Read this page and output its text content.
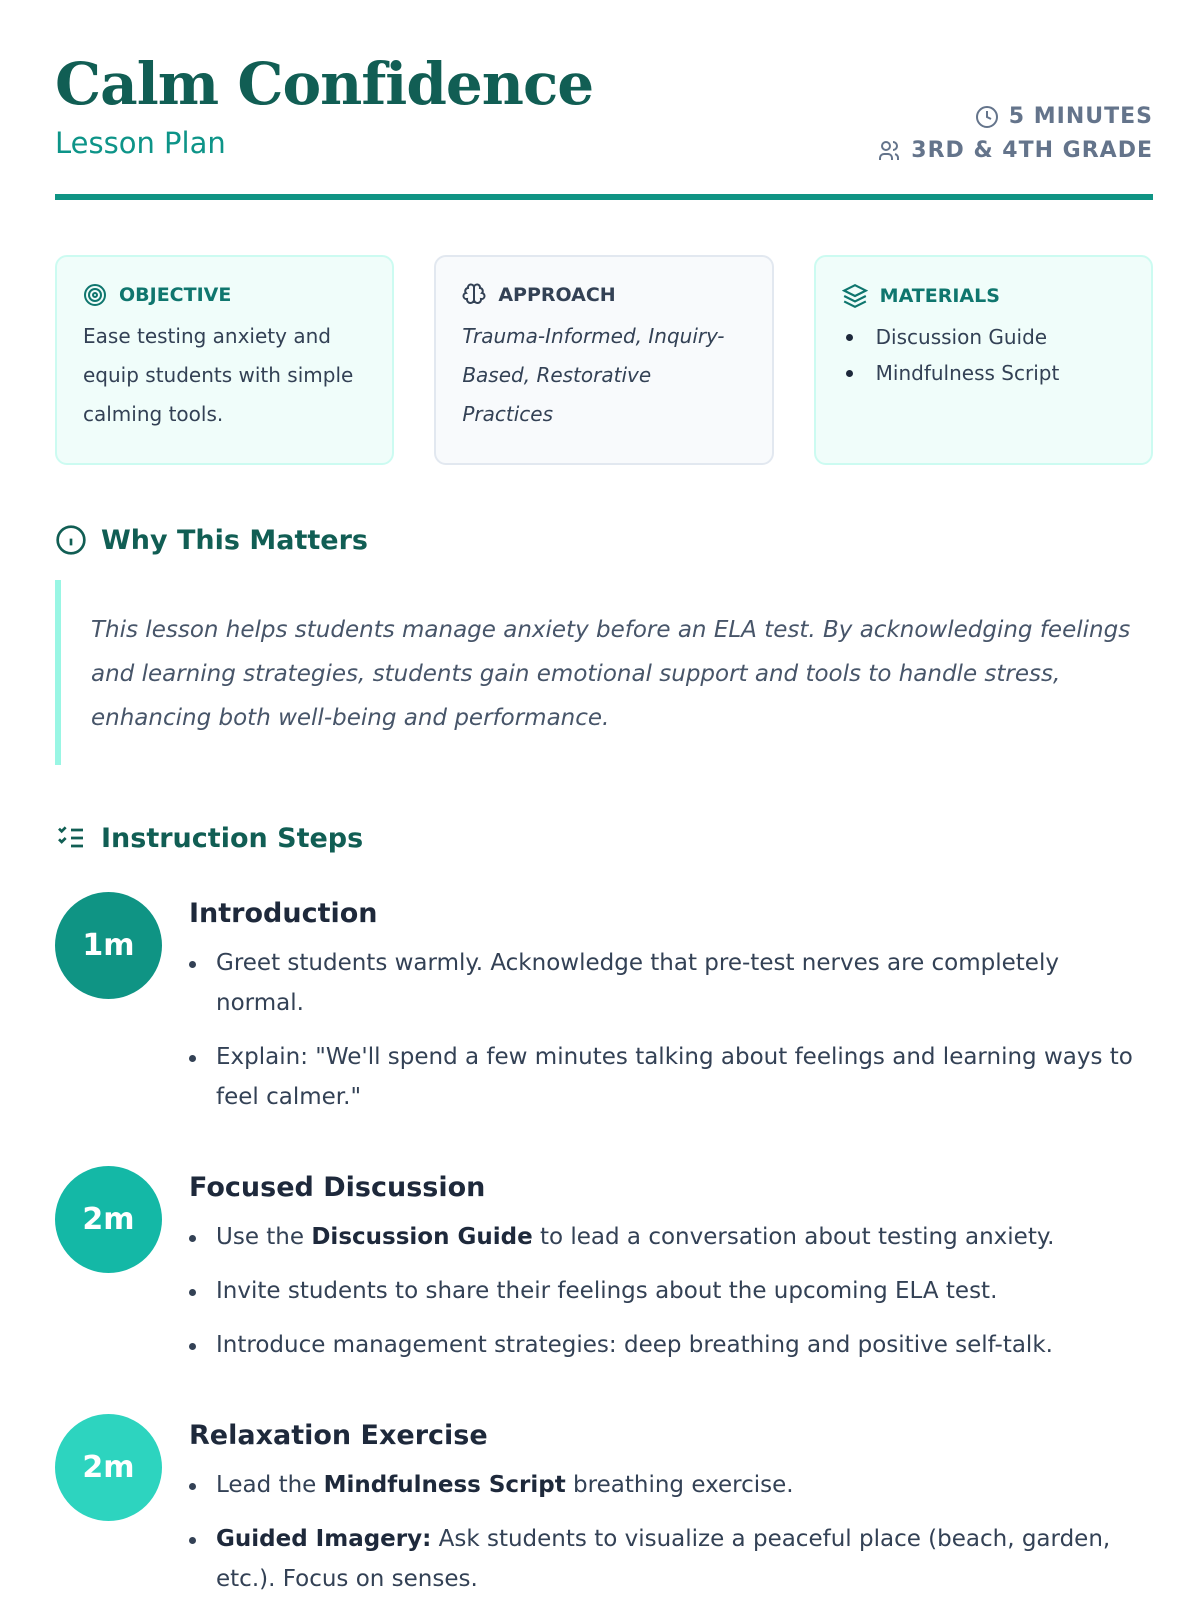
Calm Confidence
Lesson Plan
5 MINUTES
3RD & 4TH GRADE
OBJECTIVE

Ease testing anxiety and equip students with simple calming tools.

APPROACH

Trauma-Informed, Inquiry-Based, Restorative Practices

MATERIALS
Discussion Guide
Mindfulness Script
Why This Matters
This lesson helps students manage anxiety before an ELA test. By acknowledging feelings and learning strategies, students gain emotional support and tools to handle stress, enhancing both well-being and performance.
Instruction Steps
1m
Introduction
Greet students warmly. Acknowledge that pre-test nerves are completely normal.
Explain: "We'll spend a few minutes talking about feelings and learning ways to feel calmer."
2m
Focused Discussion
Use the Discussion Guide to lead a conversation about testing anxiety.
Invite students to share their feelings about the upcoming ELA test.
Introduce management strategies: deep breathing and positive self-talk.
2m
Relaxation Exercise
Lead the Mindfulness Script breathing exercise.
Guided Imagery: Ask students to visualize a peaceful place (beach, garden, etc.). Focus on senses.
